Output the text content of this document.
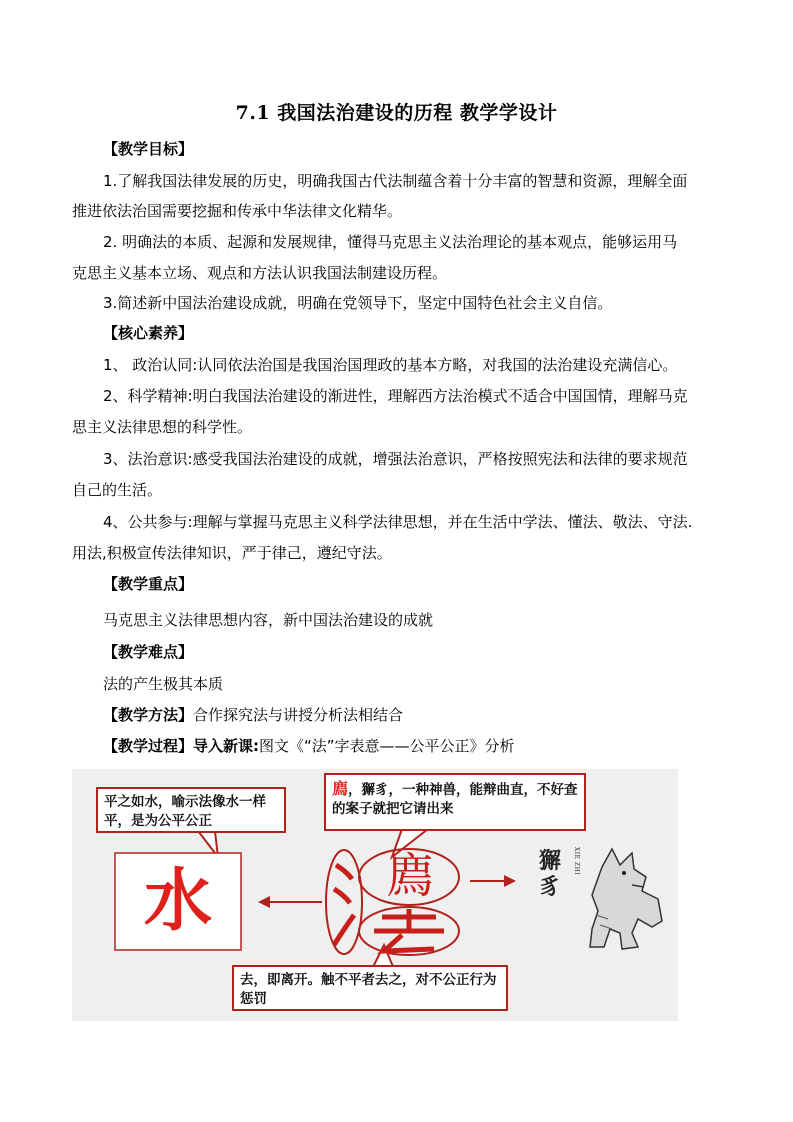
7.1 我国法治建设的历程 教学学设计
【教学目标】
1.了解我国法律发展的历史，明确我国古代法制蕴含着十分丰富的智慧和资源，理解全面
推进依法治国需要挖掘和传承中华法律文化精华。
2. 明确法的本质、起源和发展规律，懂得马克思主义法治理论的基本观点，能够运用马
克思主义基本立场、观点和方法认识我国法制建设历程。
3.简述新中国法治建设成就，明确在党领导下，坚定中国特色社会主义自信。
【核心素养】
1、 政治认同:认同依法治国是我国治国理政的基本方略，对我国的法治建设充满信心。
2、科学精神:明白我国法治建设的渐进性，理解西方法治模式不适合中国国情，理解马克
思主义法律思想的科学性。
3、法治意识:感受我国法治建设的成就，增强法治意识，严格按照宪法和法律的要求规范
自己的生活。
4、公共参与:理解与掌握马克思主义科学法律思想，并在生活中学法、懂法、敬法、守法.
用法,积极宣传法律知识，严于律己，遵纪守法。
【教学重点】
马克思主义法律思想内容，新中国法治建设的成就
【教学难点】
法的产生极其本质
【教学方法】合作探究法与讲授分析法相结合
【教学过程】导入新课:图文《“法”字表意——公平公正》分析
平之如水，喻示法像水一样平，是为公平公正
廌，獬豸，一种神兽，能辩曲直，不好查的案子就把它请出来
去，即离开。触不平者去之，对不公正行为惩罚
水	廌	獬
豸
XIE ZHI
